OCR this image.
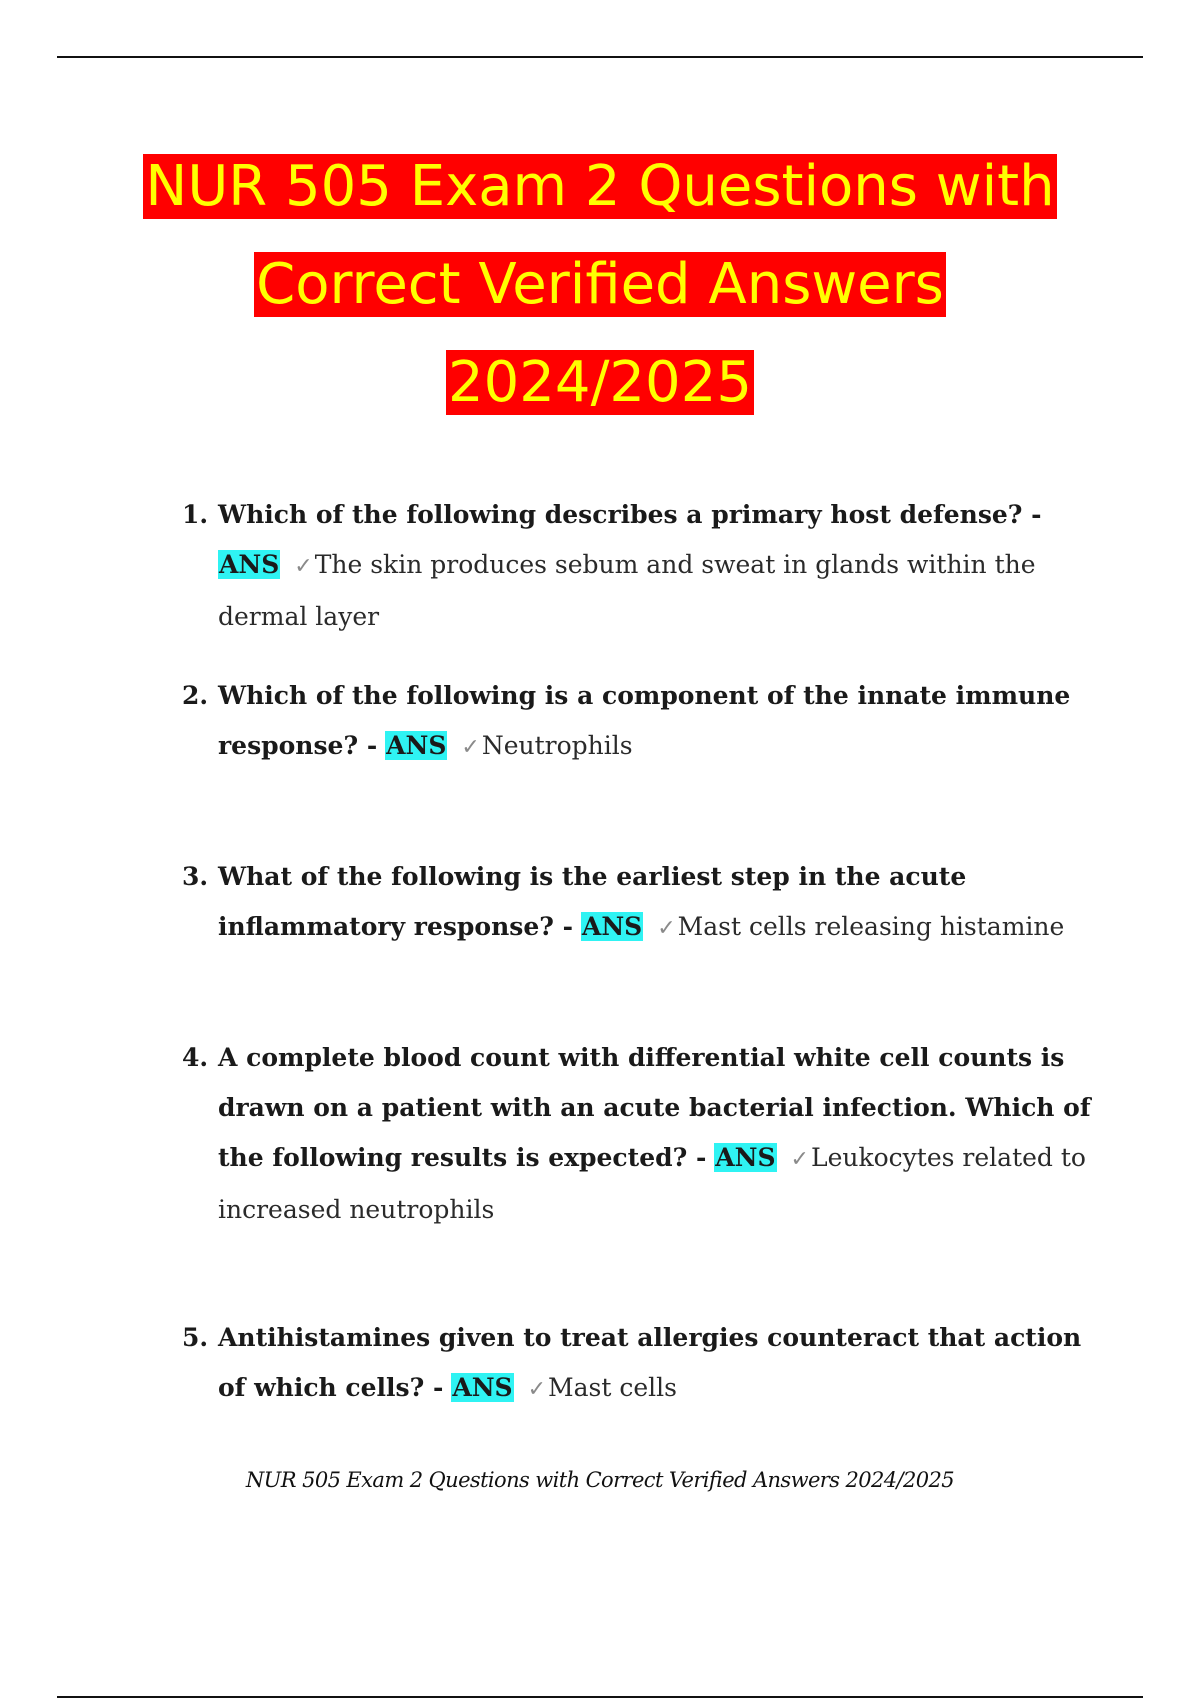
NUR 505 Exam 2 Questions with
Correct Verified Answers
2024/2025
1. Which of the following describes a primary host defense? - ANS ✓The skin produces sebum and sweat in glands within the dermal layer
2. Which of the following is a component of the innate immune response? - ANS ✓Neutrophils
3. What of the following is the earliest step in the acute inflammatory response? - ANS ✓Mast cells releasing histamine
4. A complete blood count with differential white cell counts is drawn on a patient with an acute bacterial infection. Which of the following results is expected? - ANS ✓Leukocytes related to increased neutrophils
5. Antihistamines given to treat allergies counteract that action of which cells? - ANS ✓Mast cells
NUR 505 Exam 2 Questions with Correct Verified Answers 2024/2025
